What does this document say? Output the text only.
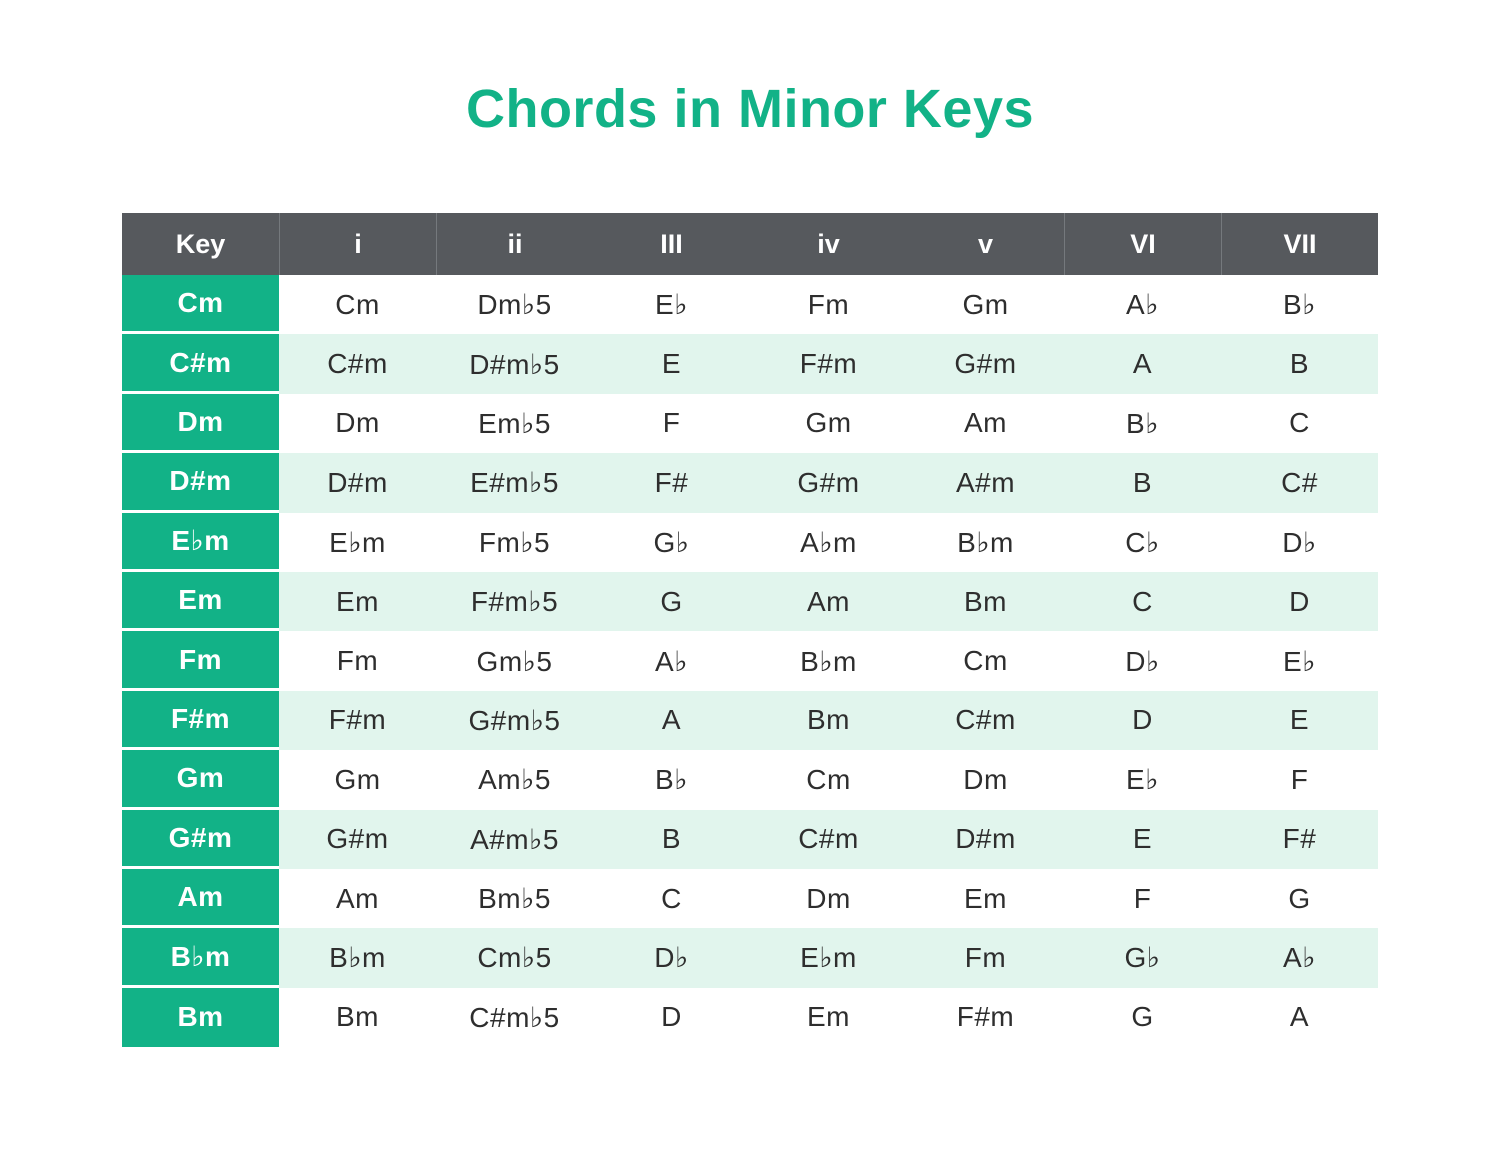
Chords in Minor Keys
Key	i	ii	III	iv	v	VI	VII
Cm	Cm	Dm♭5	E♭	Fm	Gm	A♭	B♭
C#m	C#m	D#m♭5	E	F#m	G#m	A	B
Dm	Dm	Em♭5	F	Gm	Am	B♭	C
D#m	D#m	E#m♭5	F#	G#m	A#m	B	C#
E♭m	E♭m	Fm♭5	G♭	A♭m	B♭m	C♭	D♭
Em	Em	F#m♭5	G	Am	Bm	C	D
Fm	Fm	Gm♭5	A♭	B♭m	Cm	D♭	E♭
F#m	F#m	G#m♭5	A	Bm	C#m	D	E
Gm	Gm	Am♭5	B♭	Cm	Dm	E♭	F
G#m	G#m	A#m♭5	B	C#m	D#m	E	F#
Am	Am	Bm♭5	C	Dm	Em	F	G
B♭m	B♭m	Cm♭5	D♭	E♭m	Fm	G♭	A♭
Bm	Bm	C#m♭5	D	Em	F#m	G	A
